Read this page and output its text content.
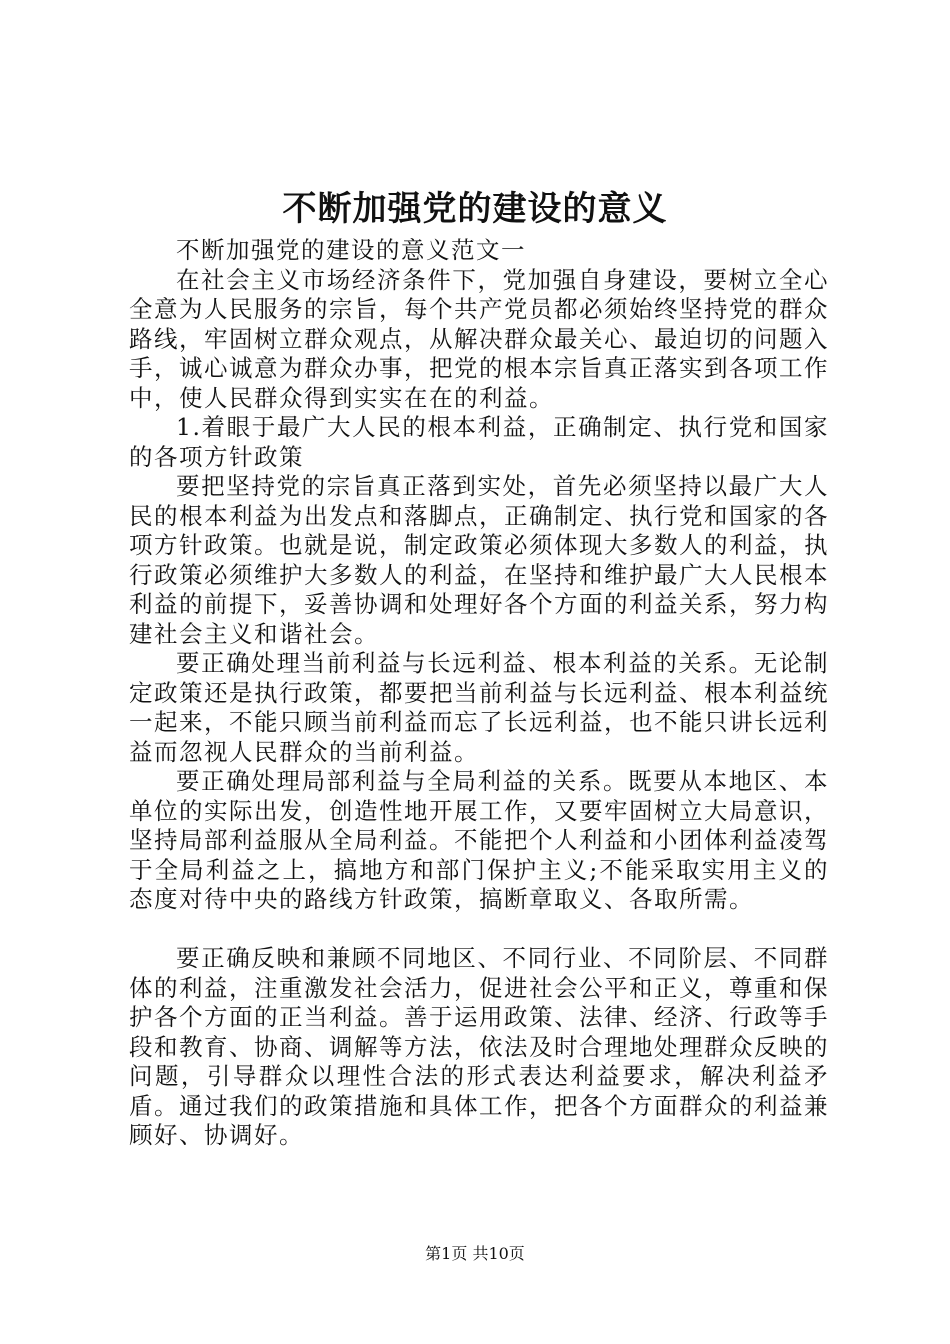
不断加强党的建设的意义

不断加强党的建设的意义范文一

在社会主义市场经济条件下，党加强自身建设，要树立全心全意为人民服务的宗旨，每个共产党员都必须始终坚持党的群众路线，牢固树立群众观点，从解决群众最关心、最迫切的问题入手，诚心诚意为群众办事，把党的根本宗旨真正落实到各项工作中，使人民群众得到实实在在的利益。

1.着眼于最广大人民的根本利益，正确制定、执行党和国家的各项方针政策

要把坚持党的宗旨真正落到实处，首先必须坚持以最广大人民的根本利益为出发点和落脚点，正确制定、执行党和国家的各项方针政策。也就是说，制定政策必须体现大多数人的利益，执行政策必须维护大多数人的利益，在坚持和维护最广大人民根本利益的前提下，妥善协调和处理好各个方面的利益关系，努力构建社会主义和谐社会。

要正确处理当前利益与长远利益、根本利益的关系。无论制定政策还是执行政策，都要把当前利益与长远利益、根本利益统一起来，不能只顾当前利益而忘了长远利益，也不能只讲长远利益而忽视人民群众的当前利益。

要正确处理局部利益与全局利益的关系。既要从本地区、本单位的实际出发，创造性地开展工作，又要牢固树立大局意识，坚持局部利益服从全局利益。不能把个人利益和小团体利益凌驾于全局利益之上，搞地方和部门保护主义;不能采取实用主义的态度对待中央的路线方针政策，搞断章取义、各取所需。

要正确反映和兼顾不同地区、不同行业、不同阶层、不同群体的利益，注重激发社会活力，促进社会公平和正义，尊重和保护各个方面的正当利益。善于运用政策、法律、经济、行政等手段和教育、协商、调解等方法，依法及时合理地处理群众反映的问题，引导群众以理性合法的形式表达利益要求，解决利益矛盾。通过我们的政策措施和具体工作，把各个方面群众的利益兼顾好、协调好。

第1页 共10页
